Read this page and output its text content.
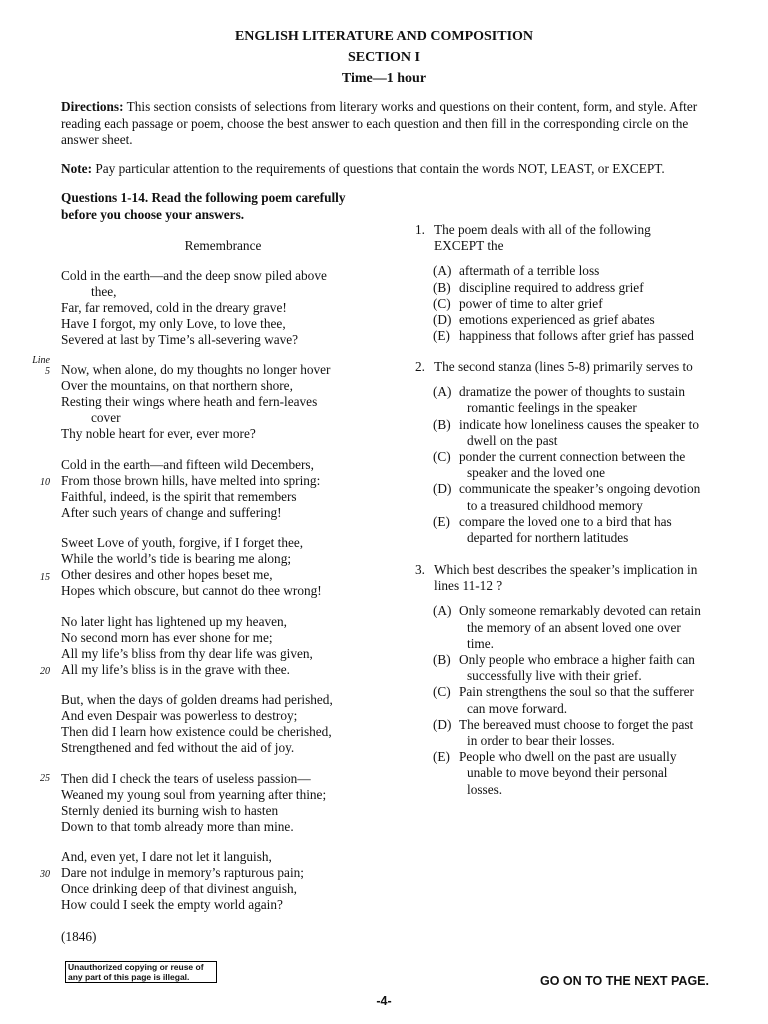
ENGLISH LITERATURE AND COMPOSITION
SECTION I
Time—1 hour
Directions: This section consists of selections from literary works and questions on their content, form, and style. After reading each passage or poem, choose the best answer to each question and then fill in the corresponding circle on the answer sheet.
Note: Pay particular attention to the requirements of questions that contain the words NOT, LEAST, or EXCEPT.
Questions 1-14. Read the following poem carefully
before you choose your answers.
Remembrance
Cold in the earth—and the deep snow piled above
thee,
Far, far removed, cold in the dreary grave!
Have I forgot, my only Love, to love thee,
Severed at last by Time’s all-severing wave?
Now, when alone, do my thoughts no longer hover
Over the mountains, on that northern shore,
Resting their wings where heath and fern-leaves
cover
Thy noble heart for ever, ever more?
Cold in the earth—and fifteen wild Decembers,
From those brown hills, have melted into spring:
Faithful, indeed, is the spirit that remembers
After such years of change and suffering!
Sweet Love of youth, forgive, if I forget thee,
While the world’s tide is bearing me along;
Other desires and other hopes beset me,
Hopes which obscure, but cannot do thee wrong!
No later light has lightened up my heaven,
No second morn has ever shone for me;
All my life’s bliss from thy dear life was given,
All my life’s bliss is in the grave with thee.
But, when the days of golden dreams had perished,
And even Despair was powerless to destroy;
Then did I learn how existence could be cherished,
Strengthened and fed without the aid of joy.
Then did I check the tears of useless passion—
Weaned my young soul from yearning after thine;
Sternly denied its burning wish to hasten
Down to that tomb already more than mine.
And, even yet, I dare not let it languish,
Dare not indulge in memory’s rapturous pain;
Once drinking deep of that divinest anguish,
How could I seek the empty world again?
Line
5
10
15
20
25
30
(1846)
1. The poem deals with all of the following
EXCEPT the
(A) aftermath of a terrible loss
(B) discipline required to address grief
(C) power of time to alter grief
(D) emotions experienced as grief abates
(E) happiness that follows after grief has passed
2. The second stanza (lines 5-8) primarily serves to
(A) dramatize the power of thoughts to sustain
romantic feelings in the speaker
(B) indicate how loneliness causes the speaker to
dwell on the past
(C) ponder the current connection between the
speaker and the loved one
(D) communicate the speaker’s ongoing devotion
to a treasured childhood memory
(E) compare the loved one to a bird that has
departed for northern latitudes
3. Which best describes the speaker’s implication in
lines 11-12 ?
(A) Only someone remarkably devoted can retain
the memory of an absent loved one over
time.
(B) Only people who embrace a higher faith can
successfully live with their grief.
(C) Pain strengthens the soul so that the sufferer
can move forward.
(D) The bereaved must choose to forget the past
in order to bear their losses.
(E) People who dwell on the past are usually
unable to move beyond their personal
losses.
Unauthorized copying or reuse of
any part of this page is illegal.	GO ON TO THE NEXT PAGE.
-4-
